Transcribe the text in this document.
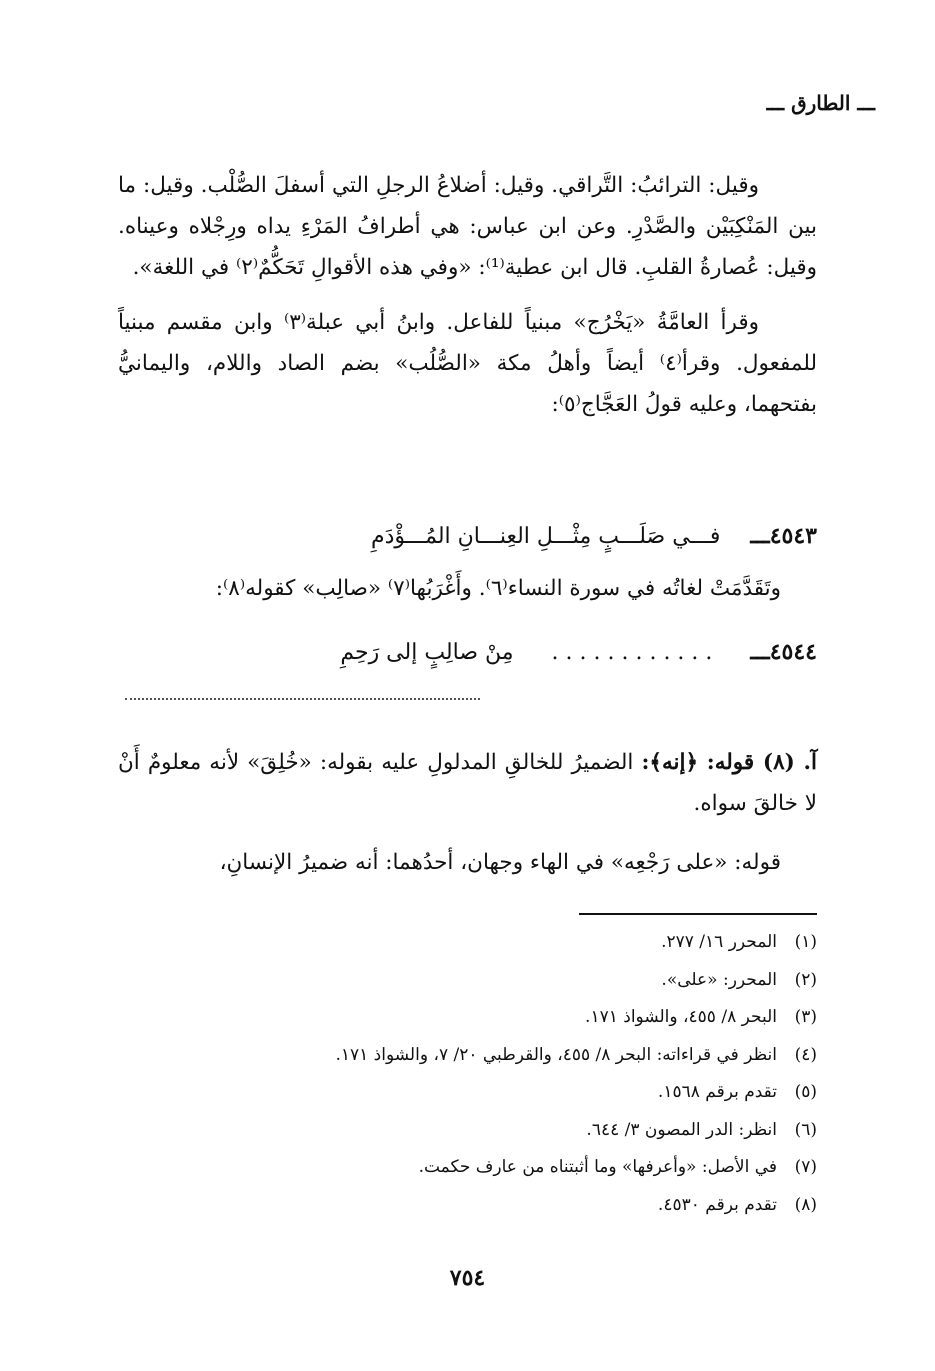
ـــ الطارق ـــ

وقيل: الترائبُ: التَّراقي. وقيل: أضلاعُ الرجلِ التي أسفلَ الصُّلْب. وقيل: ما بين المَنْكِبَيْن والصَّدْرِ. وعن ابن عباس: هي أطرافُ المَرْءِ يداه ورِجْلاه وعيناه. وقيل: عُصارةُ القلبِ. قال ابن عطية⁽¹⁾: «وفي هذه الأقوالِ تَحَكُّمٌ⁽٢⁾ في اللغة».

وقرأ العامَّةُ «يَخْرُج» مبنياً للفاعل. وابنُ أبي عبلة⁽٣⁾ وابن مقسم مبنياً للمفعول. وقرأ⁽٤⁾ أيضاً وأهلُ مكة «الصُّلُب» بضم الصاد واللام، واليمانيُّ بفتحهما، وعليه قولُ العَجَّاج⁽٥⁾:

٤٥٤٣ـــ  فـــي صَلَـــبٍ مِثْـــلِ العِنـــانِ المُـــؤْدَمِ

وتَقَدَّمَتْ لغاتُه في سورة النساء⁽٦⁾. وأَغْرَبُها⁽٧⁾ «صالِب» كقوله⁽٨⁾:

٤٥٤٤ـــ  . . . . . . . . . . . .  مِنْ صالِبٍ إلى رَحِمِ

آ. (٨) قوله: ﴿إنه﴾: الضميرُ للخالقِ المدلولِ عليه بقوله: «خُلِقَ» لأنه معلومٌ أَنْ لا خالقَ سواه.

قوله: «على رَجْعِه» في الهاء وجهان، أحدُهما: أنه ضميرُ الإنسانِ،

(١)المحرر ١٦/ ٢٧٧.
(٢)المحرر: «على».
(٣)البحر ٨/ ٤٥٥، والشواذ ١٧١.
(٤)انظر في قراءاته: البحر ٨/ ٤٥٥، والقرطبي ٢٠/ ٧، والشواذ ١٧١.
(٥)تقدم برقم ١٥٦٨.
(٦)انظر: الدر المصون ٣/ ٦٤٤.
(٧)في الأصل: «وأعرفها» وما أثبتناه من عارف حكمت.
(٨)تقدم برقم ٤٥٣٠.
٧٥٤
